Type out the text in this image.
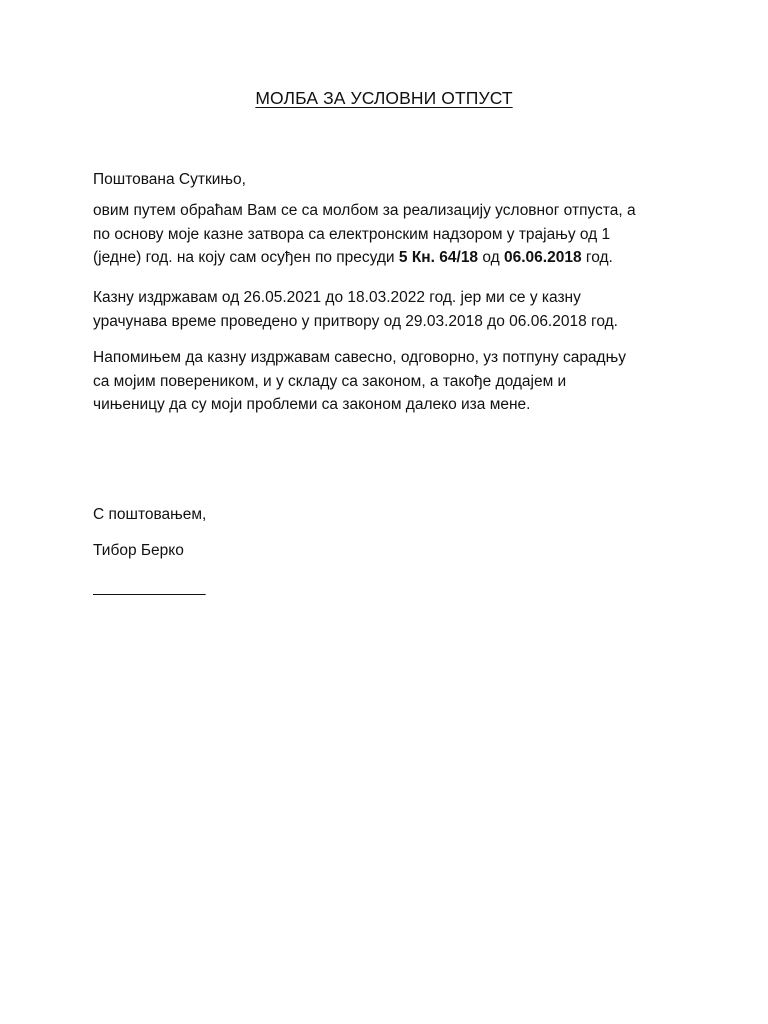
МОЛБА ЗА УСЛОВНИ ОТПУСТ

Поштована Суткињо,

овим путем обраћам Вам се са молбом за реализацију условног отпуста, а
по основу моје казне затвора са електронским надзором у трајању од 1
(једне) год. на коју сам осуђен по пресуди 5 Кн. 64/18 од 06.06.2018 год.

Казну издржавам од 26.05.2021 до 18.03.2022 год. јер ми се у казну
урачунава време проведено у притвору од 29.03.2018 до 06.06.2018 год.

Напомињем да казну издржавам савесно, одговорно, уз потпуну сарадњу
са мојим повереником, и у складу са законом, а такође додајем и
чињеницу да су моји проблеми са законом далеко иза мене.

С поштовањем,

Тибор Берко

_______________
